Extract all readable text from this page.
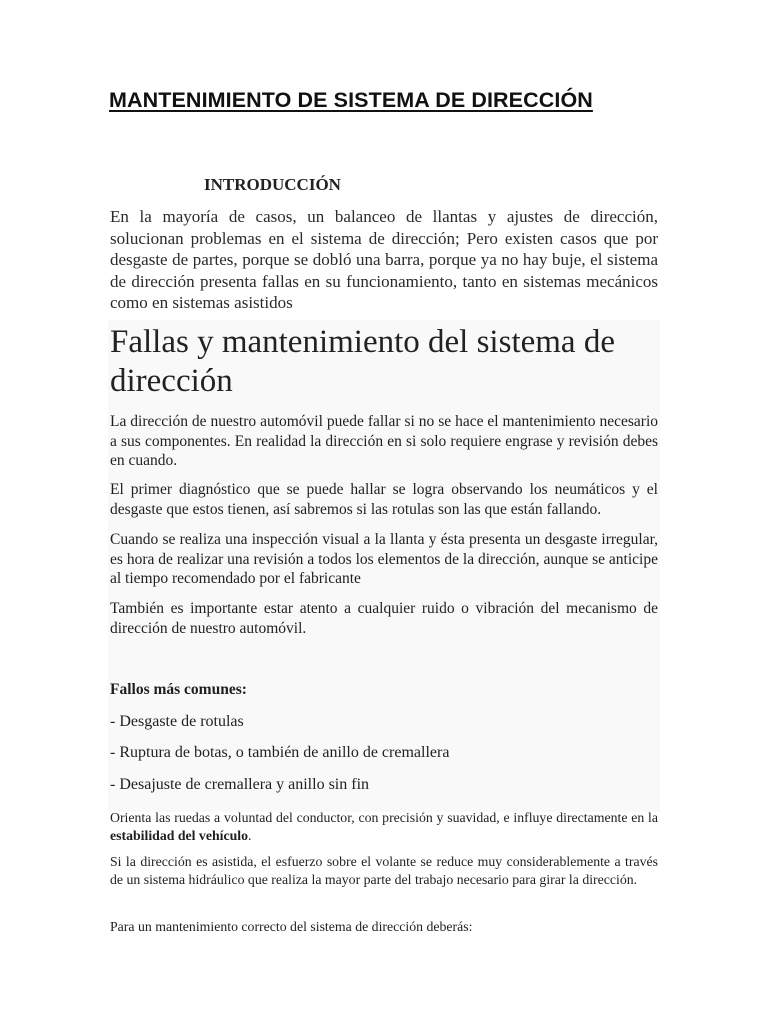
MANTENIMIENTO DE SISTEMA DE DIRECCIÓN
INTRODUCCIÓN

En la mayoría de casos, un balanceo de llantas y ajustes de dirección, solucionan problemas en el sistema de dirección; Pero existen casos que por desgaste de partes, porque se dobló una barra, porque ya no hay buje, el sistema de dirección presenta fallas en su funcionamiento, tanto en sistemas mecánicos como en sistemas asistidos

Fallas y mantenimiento del sistema de dirección

La dirección de nuestro automóvil puede fallar si no se hace el mantenimiento necesario a sus componentes. En realidad la dirección en si solo requiere engrase y revisión debes en cuando.

El primer diagnóstico que se puede hallar se logra observando los neumáticos y el desgaste que estos tienen, así sabremos si las rotulas son las que están fallando.

Cuando se realiza una inspección visual a la llanta y ésta presenta un desgaste irregular, es hora de realizar una revisión a todos los elementos de la dirección, aunque se anticipe al tiempo recomendado por el fabricante

También es importante estar atento a cualquier ruido o vibración del mecanismo de dirección de nuestro automóvil.

Fallos más comunes:
- Desgaste de rotulas
- Ruptura de botas, o también de anillo de cremallera
- Desajuste de cremallera y anillo sin fin

Orienta las ruedas a voluntad del conductor, con precisión y suavidad, e influye directamente en la estabilidad del vehículo.

Si la dirección es asistida, el esfuerzo sobre el volante se reduce muy considerablemente a través de un sistema hidráulico que realiza la mayor parte del trabajo necesario para girar la dirección.

Para un mantenimiento correcto del sistema de dirección deberás:
